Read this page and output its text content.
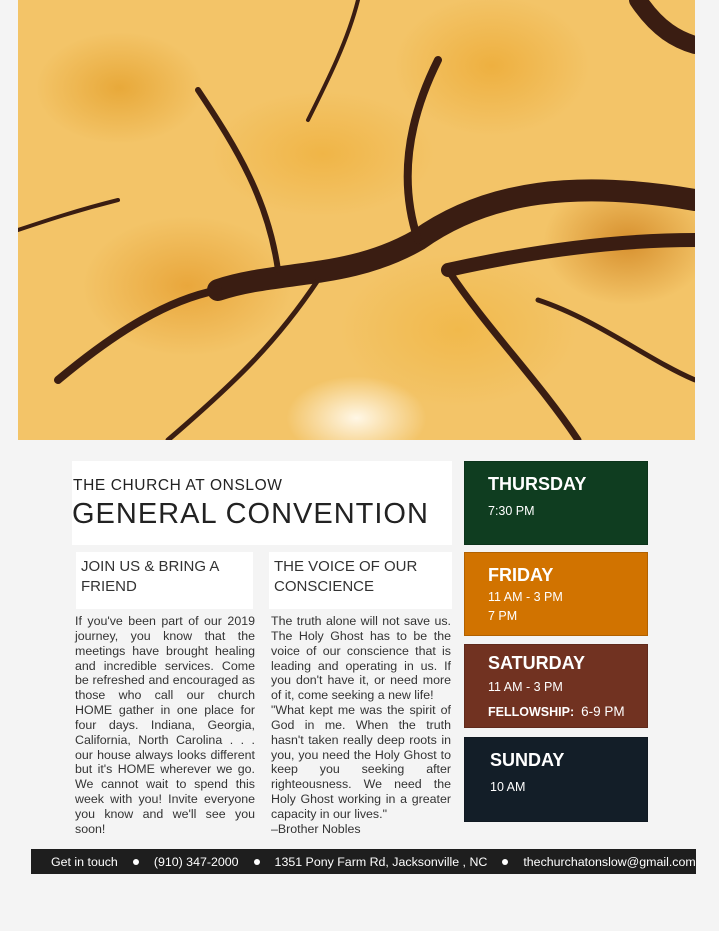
THE CHURCH AT ONSLOW
GENERAL CONVENTION
JOIN US & BRING A FRIEND
THE VOICE OF OUR CONSCIENCE
If you've been part of our 2019 journey, you know that the meetings have brought healing and incredible services. Come be refreshed and encouraged as those who call our church HOME gather in one place for four days. Indiana, Georgia, California, North Carolina . . . our house always looks different but it's HOME wherever we go. We cannot wait to spend this week with you! Invite everyone you know and we'll see you soon!
The truth alone will not save us. The Holy Ghost has to be the voice of our conscience that is leading and operating in us. If you don't have it, or need more of it, come seeking a new life!
"What kept me was the spirit of God in me. When the truth hasn't taken really deep roots in you, you need the Holy Ghost to keep you seeking after righteousness. We need the Holy Ghost working in a greater capacity in our lives."
–Brother Nobles
THURSDAY
7:30 PM
FRIDAY
11 AM - 3 PM
7 PM
SATURDAY
11 AM - 3 PM
FELLOWSHIP: 6-9 PM
SUNDAY
10 AM
Get in touch	(910) 347-2000	1351 Pony Farm Rd, Jacksonville , NC	thechurchatonslow@gmail.com
